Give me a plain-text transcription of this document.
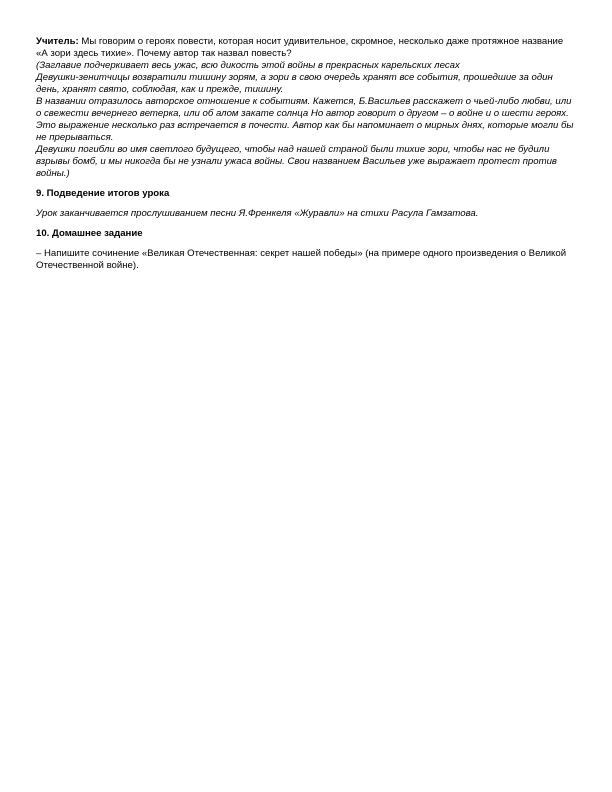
Учитель: Мы говорим о героях повести, которая носит удивительное, скромное, несколько даже протяжное название «А зори здесь тихие». Почему автор так назвал повесть?

(Заглавие подчеркивает весь ужас, всю дикость этой войны в прекрасных карельских лесах

Девушки-зенитчицы возвратили тишину зорям, а зори в свою очередь хранят все события, прошедшие за один день, хранят свято, соблюдая, как и прежде, тишину.

В названии отразилось авторское отношение к событиям. Кажется, Б.Васильев расскажет о чьей-либо любви, или о свежести вечернего ветерка, или об алом закате солнца Но автор говорит о другом – о войне и о шести героях. Это выражение несколько раз встречается в почести. Автор как бы напоминает о мирных днях, которые могли бы не прерываться.

Девушки погибли во имя светлого будущего, чтобы над нашей страной были тихие зори, чтобы нас не будили взрывы бомб, и мы никогда бы не узнали ужаса войны. Свои названием Васильев уже выражает протест против войны.)

9. Подведение итогов урока

Урок заканчивается прослушиванием песни Я.Френкеля «Журавли» на стихи Расула Гамзатова.

10. Домашнее задание

– Напишите сочинение «Великая Отечественная: секрет нашей победы» (на примере одного произведения о Великой Отечественной войне).
